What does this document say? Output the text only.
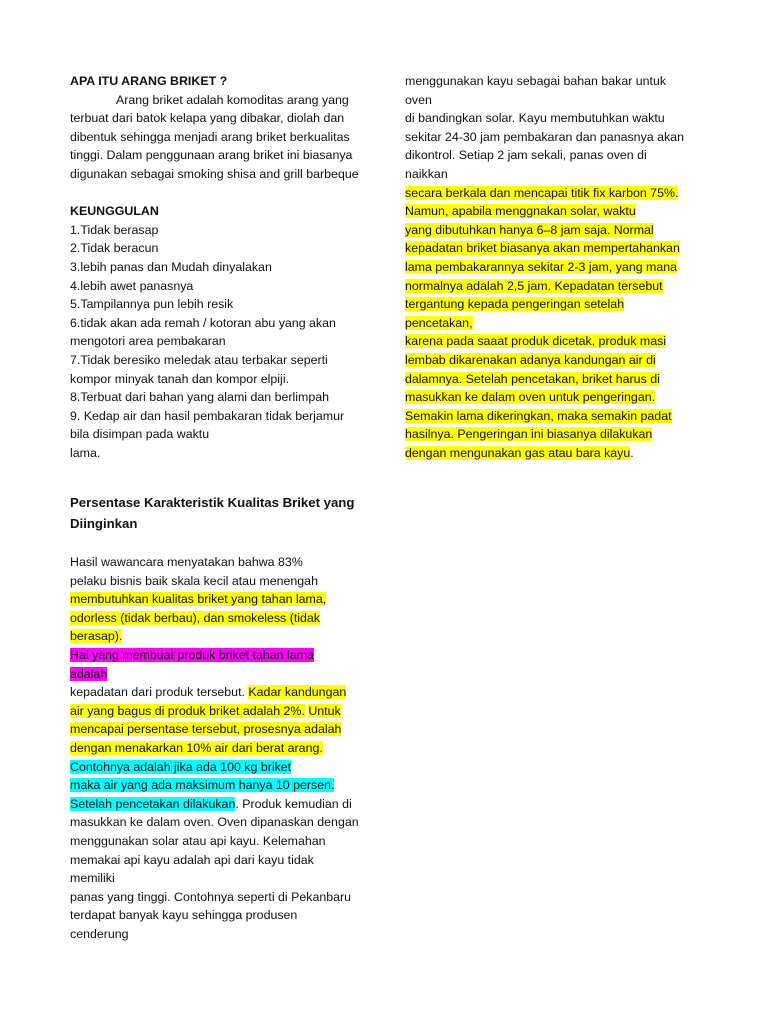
APA ITU ARANG BRIKET ?
Arang briket adalah komoditas arang yang
terbuat dari batok kelapa yang dibakar, diolah dan
dibentuk sehingga menjadi arang briket berkualitas
tinggi. Dalam penggunaan arang briket ini biasanya
digunakan sebagai smoking shisa and grill barbeque
KEUNGGULAN
1.Tidak berasap
2.Tidak beracun
3.lebih panas dan Mudah dinyalakan
4.lebih awet panasnya
5.Tampilannya pun lebih resik
6.tidak akan ada remah / kotoran abu yang akan
mengotori area pembakaran
7.Tidak beresiko meledak atau terbakar seperti
kompor minyak tanah dan kompor elpiji.
8.Terbuat dari bahan yang alami dan berlimpah
9. Kedap air dan hasil pembakaran tidak berjamur
bila disimpan pada waktu
lama.
Persentase Karakteristik Kualitas Briket yang
Diinginkan
Hasil wawancara menyatakan bahwa 83%
pelaku bisnis baik skala kecil atau menengah
membutuhkan kualitas briket yang tahan lama,
odorless (tidak berbau), dan smokeless (tidak
berasap).
Hal yang membuat produk briket tahan lama
adalah
kepadatan dari produk tersebut. Kadar kandungan
air yang bagus di produk briket adalah 2%. Untuk
mencapai persentase tersebut, prosesnya adalah
dengan menakarkan 10% air dari berat arang.
Contohnya adalah jika ada 100 kg briket
maka air yang ada maksimum hanya 10 persen.
Setelah pencetakan dilakukan. Produk kemudian di
masukkan ke dalam oven. Oven dipanaskan dengan
menggunakan solar atau api kayu. Kelemahan
memakai api kayu adalah api dari kayu tidak
memiliki
panas yang tinggi. Contohnya seperti di Pekanbaru
terdapat banyak kayu sehingga produsen
cenderung
menggunakan kayu sebagai bahan bakar untuk
oven
di bandingkan solar. Kayu membutuhkan waktu
sekitar 24-30 jam pembakaran dan panasnya akan
dikontrol. Setiap 2 jam sekali, panas oven di
naikkan
secara berkala dan mencapai titik fix karbon 75%.
Namun, apabila menggnakan solar, waktu
yang dibutuhkan hanya 6–8 jam saja. Normal
kepadatan briket biasanya akan mempertahankan
lama pembakarannya sekitar 2-3 jam, yang mana
normalnya adalah 2,5 jam. Kepadatan tersebut
tergantung kepada pengeringan setelah
pencetakan,
karena pada saaat produk dicetak, produk masi
lembab dikarenakan adanya kandungan air di
dalamnya. Setelah pencetakan, briket harus di
masukkan ke dalam oven untuk pengeringan.
Semakin lama dikeringkan, maka semakin padat
hasilnya. Pengeringan ini biasanya dilakukan
dengan mengunakan gas atau bara kayu.
